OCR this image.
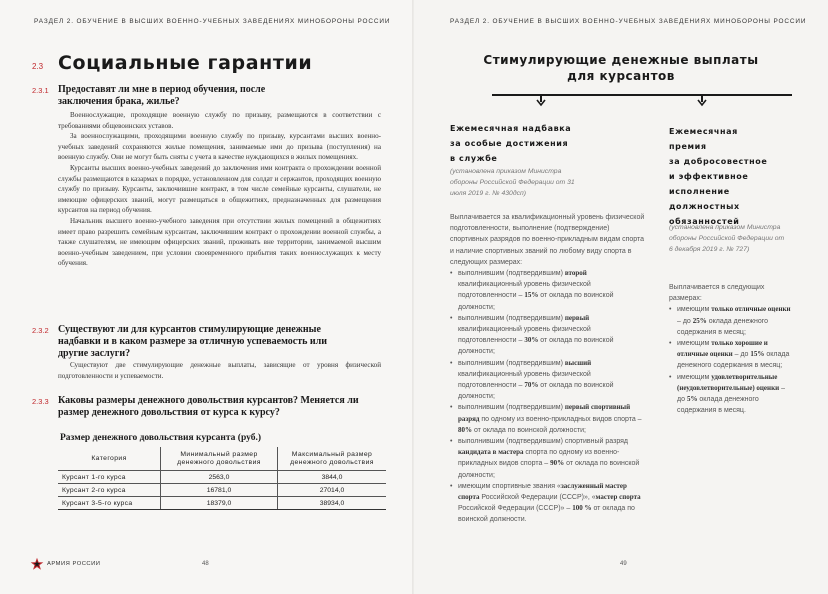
РАЗДЕЛ 2. ОБУЧЕНИЕ В ВЫСШИХ ВОЕННО-УЧЕБНЫХ ЗАВЕДЕНИЯХ МИНОБОРОНЫ РОССИИ
2.3 Социальные гарантии
2.3.1 Предоставят ли мне в период обучения, после заключения брака, жилье?

Военнослужащие, проходящие военную службу по призыву, размещаются в соответствии с требованиями общевоинских уставов.

За военнослужащими, проходящими военную службу по призыву, курсантами высших военно-учебных заведений сохраняются жилые помещения, занимаемые ими до призыва (поступления) на военную службу. Они не могут быть сняты с учета в качестве нуждающихся в жилых помещениях.

Курсанты высших военно-учебных заведений до заключения ими контракта о прохождении военной службы размещаются в казармах в порядке, установленном для солдат и сержантов, проходящих военную службу по призыву. Курсанты, заключившие контракт, в том числе семейные курсанты, слушатели, не имеющие офицерских званий, могут размещаться в общежитиях, предназначенных для размещения курсантов на период обучения.

Начальник высшего военно-учебного заведения при отсутствии жилых помещений в общежитиях имеет право разрешить семейным курсантам, заключившим контракт о прохождении военной службы, а также слушателям, не имеющим офицерских званий, проживать вне территории, занимаемой высшим военно-учебным заведением, при условии своевременного прибытия таких военнослужащих к месту обучения.

2.3.2 Существуют ли для курсантов стимулирующие денежные надбавки и в каком размере за отличную успеваемость или другие заслуги?

Существуют две стимулирующие денежные выплаты, зависящие от уровня физической подготовленности и успеваемости.

2.3.3 Каковы размеры денежного довольствия курсантов? Меняется ли размер денежного довольствия от курса к курсу?
Размер денежного довольствия курсанта (руб.)
Категория	Минимальный размер денежного довольствия	Максимальный размер денежного довольствия
Курсант 1-го курса	2563,0	3844,0
Курсант 2-го курса	16781,0	27014,0
Курсант 3-5-го курса	18379,0	38934,0
АРМИЯ РОССИИ	48
РАЗДЕЛ 2. ОБУЧЕНИЕ В ВЫСШИХ ВОЕННО-УЧЕБНЫХ ЗАВЕДЕНИЯХ МИНОБОРОНЫ РОССИИ
Стимулирующие денежные выплаты
для курсантов
Ежемесячная надбавка
за особые достижения
в службе
(установлена приказом Министра обороны Российской Федерации от 31 июля 2019 г. № 430дсп)
Выплачивается за квалификационный уровень физической подготовленности, выполнение (подтверждение) спортивных разрядов по военно-прикладным видам спорта и наличие спортивных званий по любому виду спорта в следующих размерах:
• выполнившим (подтвердившим) второй квалификационный уровень физической подготовленности – 15% от оклада по воинской должности;
• выполнившим (подтвердившим) первый квалификационный уровень физической подготовленности – 30% от оклада по воинской должности;
• выполнившим (подтвердившим) высший квалификационный уровень физической подготовленности – 70% от оклада по воинской должности;
• выполнившим (подтвердившим) первый спортивный разряд по одному из военно-прикладных видов спорта – 80% от оклада по воинской должности;
• выполнившим (подтвердившим) спортивный разряд кандидата в мастера спорта по одному из военно-прикладных видов спорта – 90% от оклада по воинской должности;
• имеющим спортивные звания «заслуженный мастер спорта Российской Федерации (СССР)», «мастер спорта Российской Федерации (СССР)» – 100 % от оклада по воинской должности.
Ежемесячная
премия
за добросовестное
и эффективное
исполнение
должностных
обязанностей
(установлена приказом Министра обороны Российской Федерации от 6 декабря 2019 г. № 727)
Выплачивается в следующих размерах:
• имеющим только отличные оценки – до 25% оклада денежного содержания в месяц;
• имеющим только хорошие и отличные оценки – до 15% оклада денежного содержания в месяц;
• имеющим удовлетворительные (неудовлетворительные) оценки – до 5% оклада денежного содержания в месяц.
49
